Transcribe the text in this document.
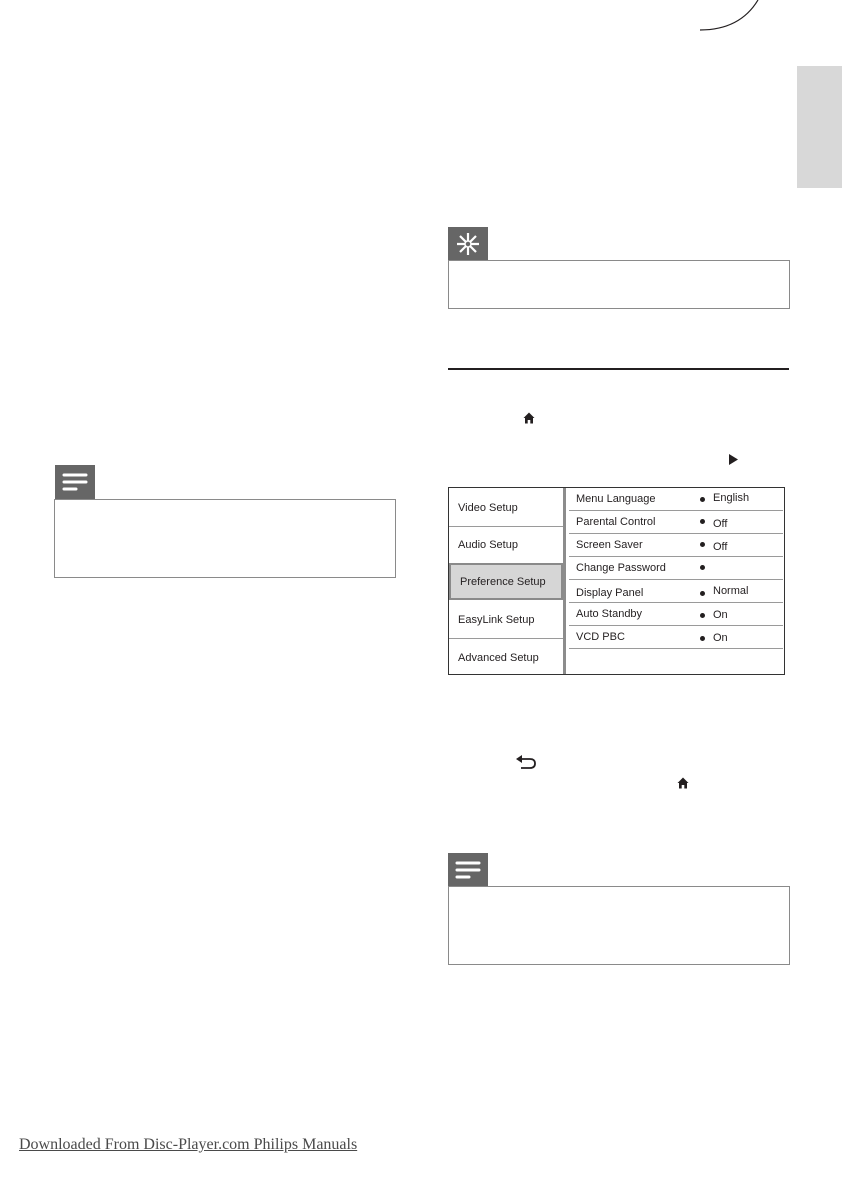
Video Setup
Audio Setup
Preference Setup
EasyLink Setup
Advanced Setup
Menu Language	English
Parental Control	Off
Screen Saver	Off
Change Password
Display Panel	Normal
Auto Standby	On
VCD PBC	On
Downloaded From Disc-Player.com Philips Manuals
